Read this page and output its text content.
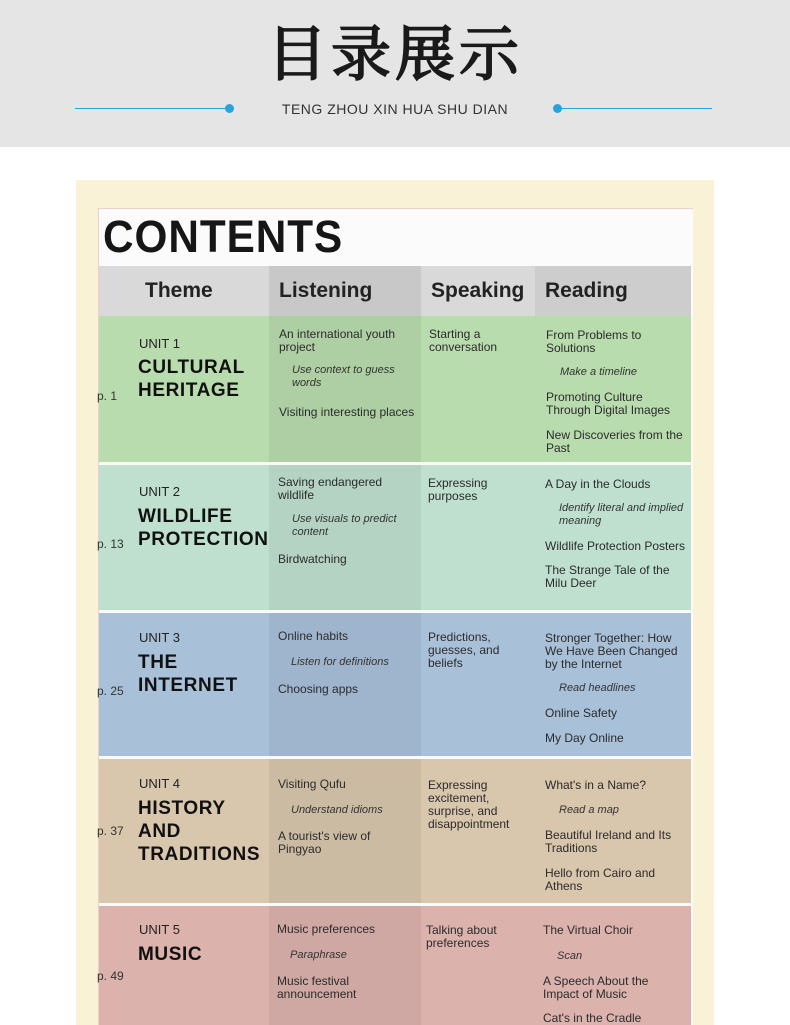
目录展示
TENG ZHOU XIN HUA SHU DIAN
CONTENTS
Theme	Listening	Speaking Reading
p. 1
UNIT 1
CULTURAL
HERITAGE
An international youth project
Use context to guess words
Visiting interesting places
Starting a conversation
From Problems to Solutions
Make a timeline
Promoting Culture Through Digital Images
New Discoveries from the Past
p. 13
UNIT 2
WILDLIFE
PROTECTION
Saving endangered wildlife
Use visuals to predict content
Birdwatching
Expressing purposes
A Day in the Clouds
Identify literal and implied meaning
Wildlife Protection Posters
The Strange Tale of the Milu Deer
p. 25
UNIT 3
THE
INTERNET
Online habits
Listen for definitions
Choosing apps
Predictions, guesses, and beliefs
Stronger Together: How We Have Been Changed by the Internet
Read headlines
Online Safety
My Day Online
p. 37
UNIT 4
HISTORY
AND
TRADITIONS
Visiting Qufu
Understand idioms
A tourist's view of Pingyao
Expressing excitement, surprise, and disappointment
What's in a Name?
Read a map
Beautiful Ireland and Its Traditions
Hello from Cairo and Athens
p. 49
UNIT 5
MUSIC
Music preferences
Paraphrase
Music festival announcement
Talking about preferences
The Virtual Choir
Scan
A Speech About the Impact of Music
Cat's in the Cradle
